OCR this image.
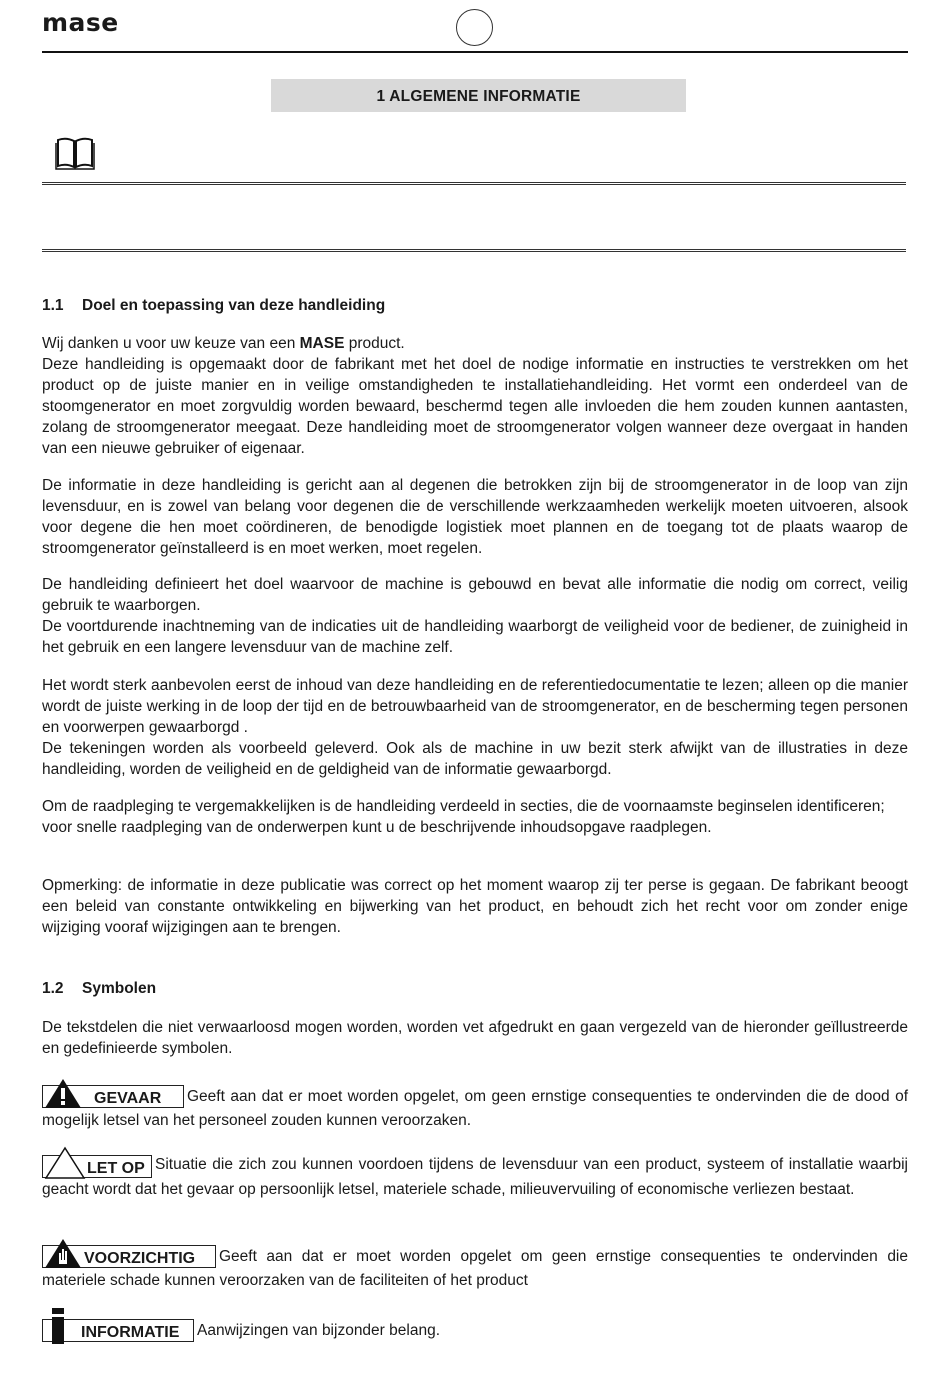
mase
1 ALGEMENE INFORMATIE
1.1 Doel en toepassing van deze handleiding

Wij danken u voor uw keuze van een MASE product.

Deze handleiding is opgemaakt door de fabrikant met het doel de nodige informatie en instructies te verstrekken om het product op de juiste manier en in veilige omstandigheden te installatiehandleiding. Het vormt een onderdeel van de stoomgenerator en moet zorgvuldig worden bewaard, beschermd tegen alle invloeden die hem zouden kunnen aantasten, zolang de stroomgenerator meegaat. Deze handleiding moet de stroomgenerator volgen wanneer deze overgaat in handen van een nieuwe gebruiker of eigenaar.

De informatie in deze handleiding is gericht aan al degenen die betrokken zijn bij de stroomgenerator in de loop van zijn levensduur, en is zowel van belang voor degenen die de verschillende werkzaamheden werkelijk moeten uitvoeren, alsook voor degene die hen moet coördineren, de benodigde logistiek moet plannen en de toegang tot de plaats waarop de stroomgenerator geïnstalleerd is en moet werken, moet regelen.

De handleiding definieert het doel waarvoor de machine is gebouwd en bevat alle informatie die nodig om correct, veilig gebruik te waarborgen.

De voortdurende inachtneming van de indicaties uit de handleiding waarborgt de veiligheid voor de bediener, de zuinigheid in het gebruik en een langere levensduur van de machine zelf.

Het wordt sterk aanbevolen eerst de inhoud van deze handleiding en de referentiedocumentatie te lezen; alleen op die manier wordt de juiste werking in de loop der tijd en de betrouwbaarheid van de stroomgenerator, en de bescherming tegen personen en voorwerpen gewaarborgd .

De tekeningen worden als voorbeeld geleverd. Ook als de machine in uw bezit sterk afwijkt van de illustraties in deze handleiding, worden de veiligheid en de geldigheid van de informatie gewaarborgd.

Om de raadpleging te vergemakkelijken is de handleiding verdeeld in secties, die de voornaamste beginselen identificeren;

voor snelle raadpleging van de onderwerpen kunt u de beschrijvende inhoudsopgave raadplegen.

Opmerking: de informatie in deze publicatie was correct op het moment waarop zij ter perse is gegaan. De fabrikant beoogt een beleid van constante ontwikkeling en bijwerking van het product, en behoudt zich het recht voor om zonder enige wijziging vooraf wijzigingen aan te brengen.

1.2 Symbolen

De tekstdelen die niet verwaarloosd mogen worden, worden vet afgedrukt en gaan vergezeld van de hieronder geïllustreerde en gedefinieerde symbolen.

GEVAAR Geeft aan dat er moet worden opgelet, om geen ernstige consequenties te ondervinden die de dood of mogelijk letsel van het personeel zouden kunnen veroorzaken.
LET OP Situatie die zich zou kunnen voordoen tijdens de levensduur van een product, systeem of installatie waarbij geacht wordt dat het gevaar op persoonlijk letsel, materiele schade, milieuvervuiling of economische verliezen bestaat.
VOORZICHTIG Geeft aan dat er moet worden opgelet om geen ernstige consequenties te ondervinden die materiele schade kunnen veroorzaken van de faciliteiten of het product
INFORMATIE Aanwijzingen van bijzonder belang.
